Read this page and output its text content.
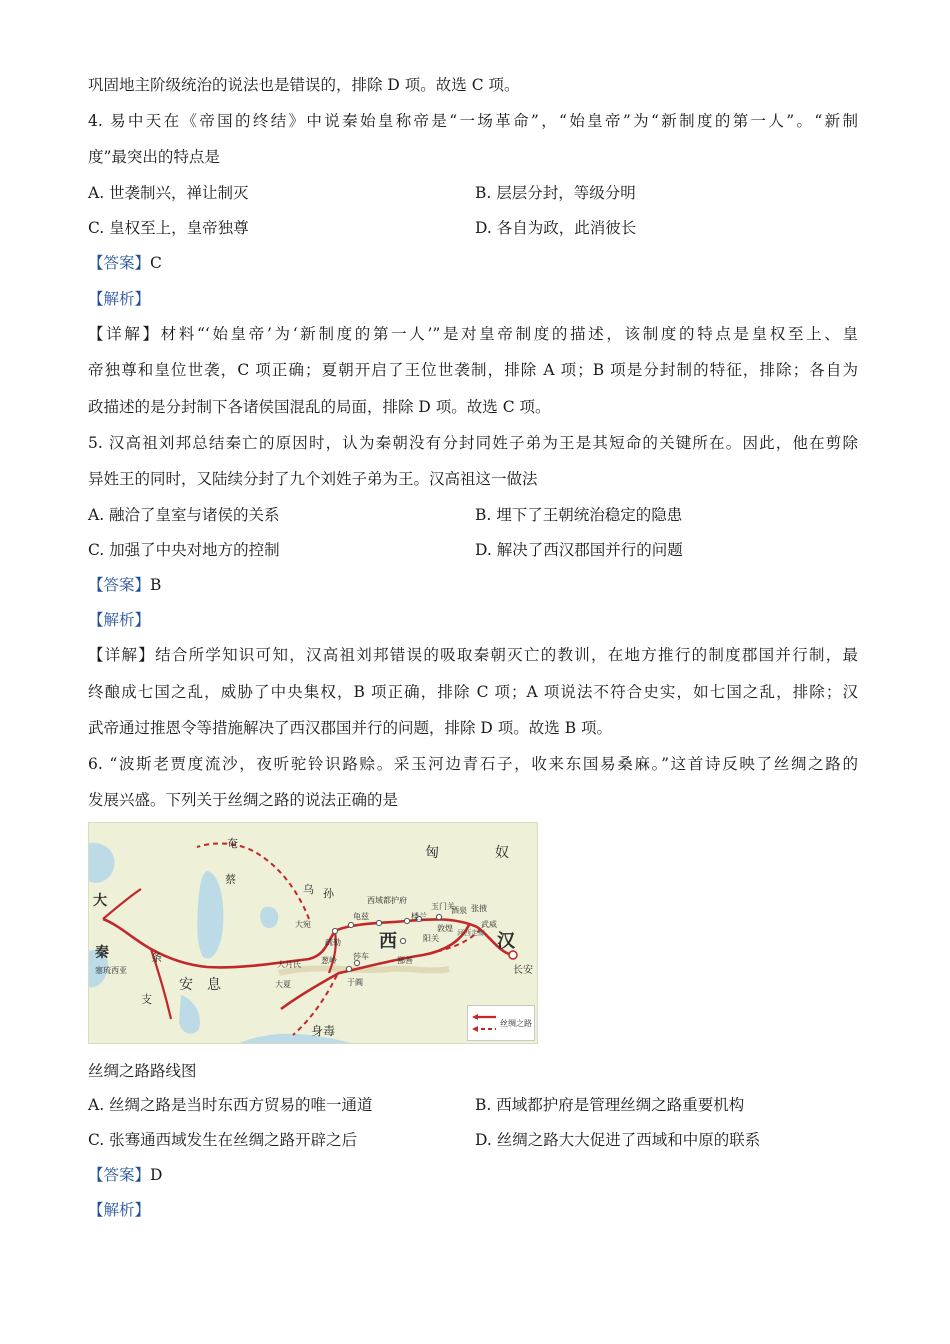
巩固地主阶级统治的说法也是错误的，排除 D 项。故选 C 项。
4. 易中天在《帝国的终结》中说秦始皇称帝是“一场革命”，“始皇帝”为“新制度的第一人”。“新制
度”最突出的特点是
A. 世袭制兴，禅让制灭	B. 层层分封，等级分明
C. 皇权至上，皇帝独尊	D. 各自为政，此消彼长
【答案】C
【解析】
【详解】材料“‘始皇帝’为‘新制度的第一人’”是对皇帝制度的描述，该制度的特点是皇权至上、皇
帝独尊和皇位世袭，C 项正确；夏朝开启了王位世袭制，排除 A 项；B 项是分封制的特征，排除；各自为
政描述的是分封制下各诸侯国混乱的局面，排除 D 项。故选 C 项。
5. 汉高祖刘邦总结秦亡的原因时，认为秦朝没有分封同姓子弟为王是其短命的关键所在。因此，他在剪除
异姓王的同时，又陆续分封了九个刘姓子弟为王。汉高祖这一做法
A. 融洽了皇室与诸侯的关系	B. 埋下了王朝统治稳定的隐患
C. 加强了中央对地方的控制	D. 解决了西汉郡国并行的问题
【答案】B
【解析】
【详解】结合所学知识可知，汉高祖刘邦错误的吸取秦朝灭亡的教训，在地方推行的制度郡国并行制，最
终酿成七国之乱，威胁了中央集权，B 项正确，排除 C 项；A 项说法不符合史实，如七国之乱，排除；汉
武帝通过推恩令等措施解决了西汉郡国并行的问题，排除 D 项。故选 B 项。
6. “波斯老贾度流沙，夜听驼铃识路赊。采玉河边青石子，收来东国易桑麻。”这首诗反映了丝绸之路的
发展兴盛。下列关于丝绸之路的说法正确的是
匈	奴
奄
蔡
乌 孙
大
秦	条
支
安 息
西	汉
长安
西域都护府
玉门关
酒泉 张掖
武威
敦煌
阳关
楼兰
龟兹
大宛
疏勒
葱岭 莎车
于阗
鄯善
大月氏
大夏
塞琉西亚
身毒
河西走廊
丝绸之路
丝绸之路路线图
A. 丝绸之路是当时东西方贸易的唯一通道	B. 西域都护府是管理丝绸之路重要机构
C. 张骞通西域发生在丝绸之路开辟之后	D. 丝绸之路大大促进了西域和中原的联系
【答案】D
【解析】
